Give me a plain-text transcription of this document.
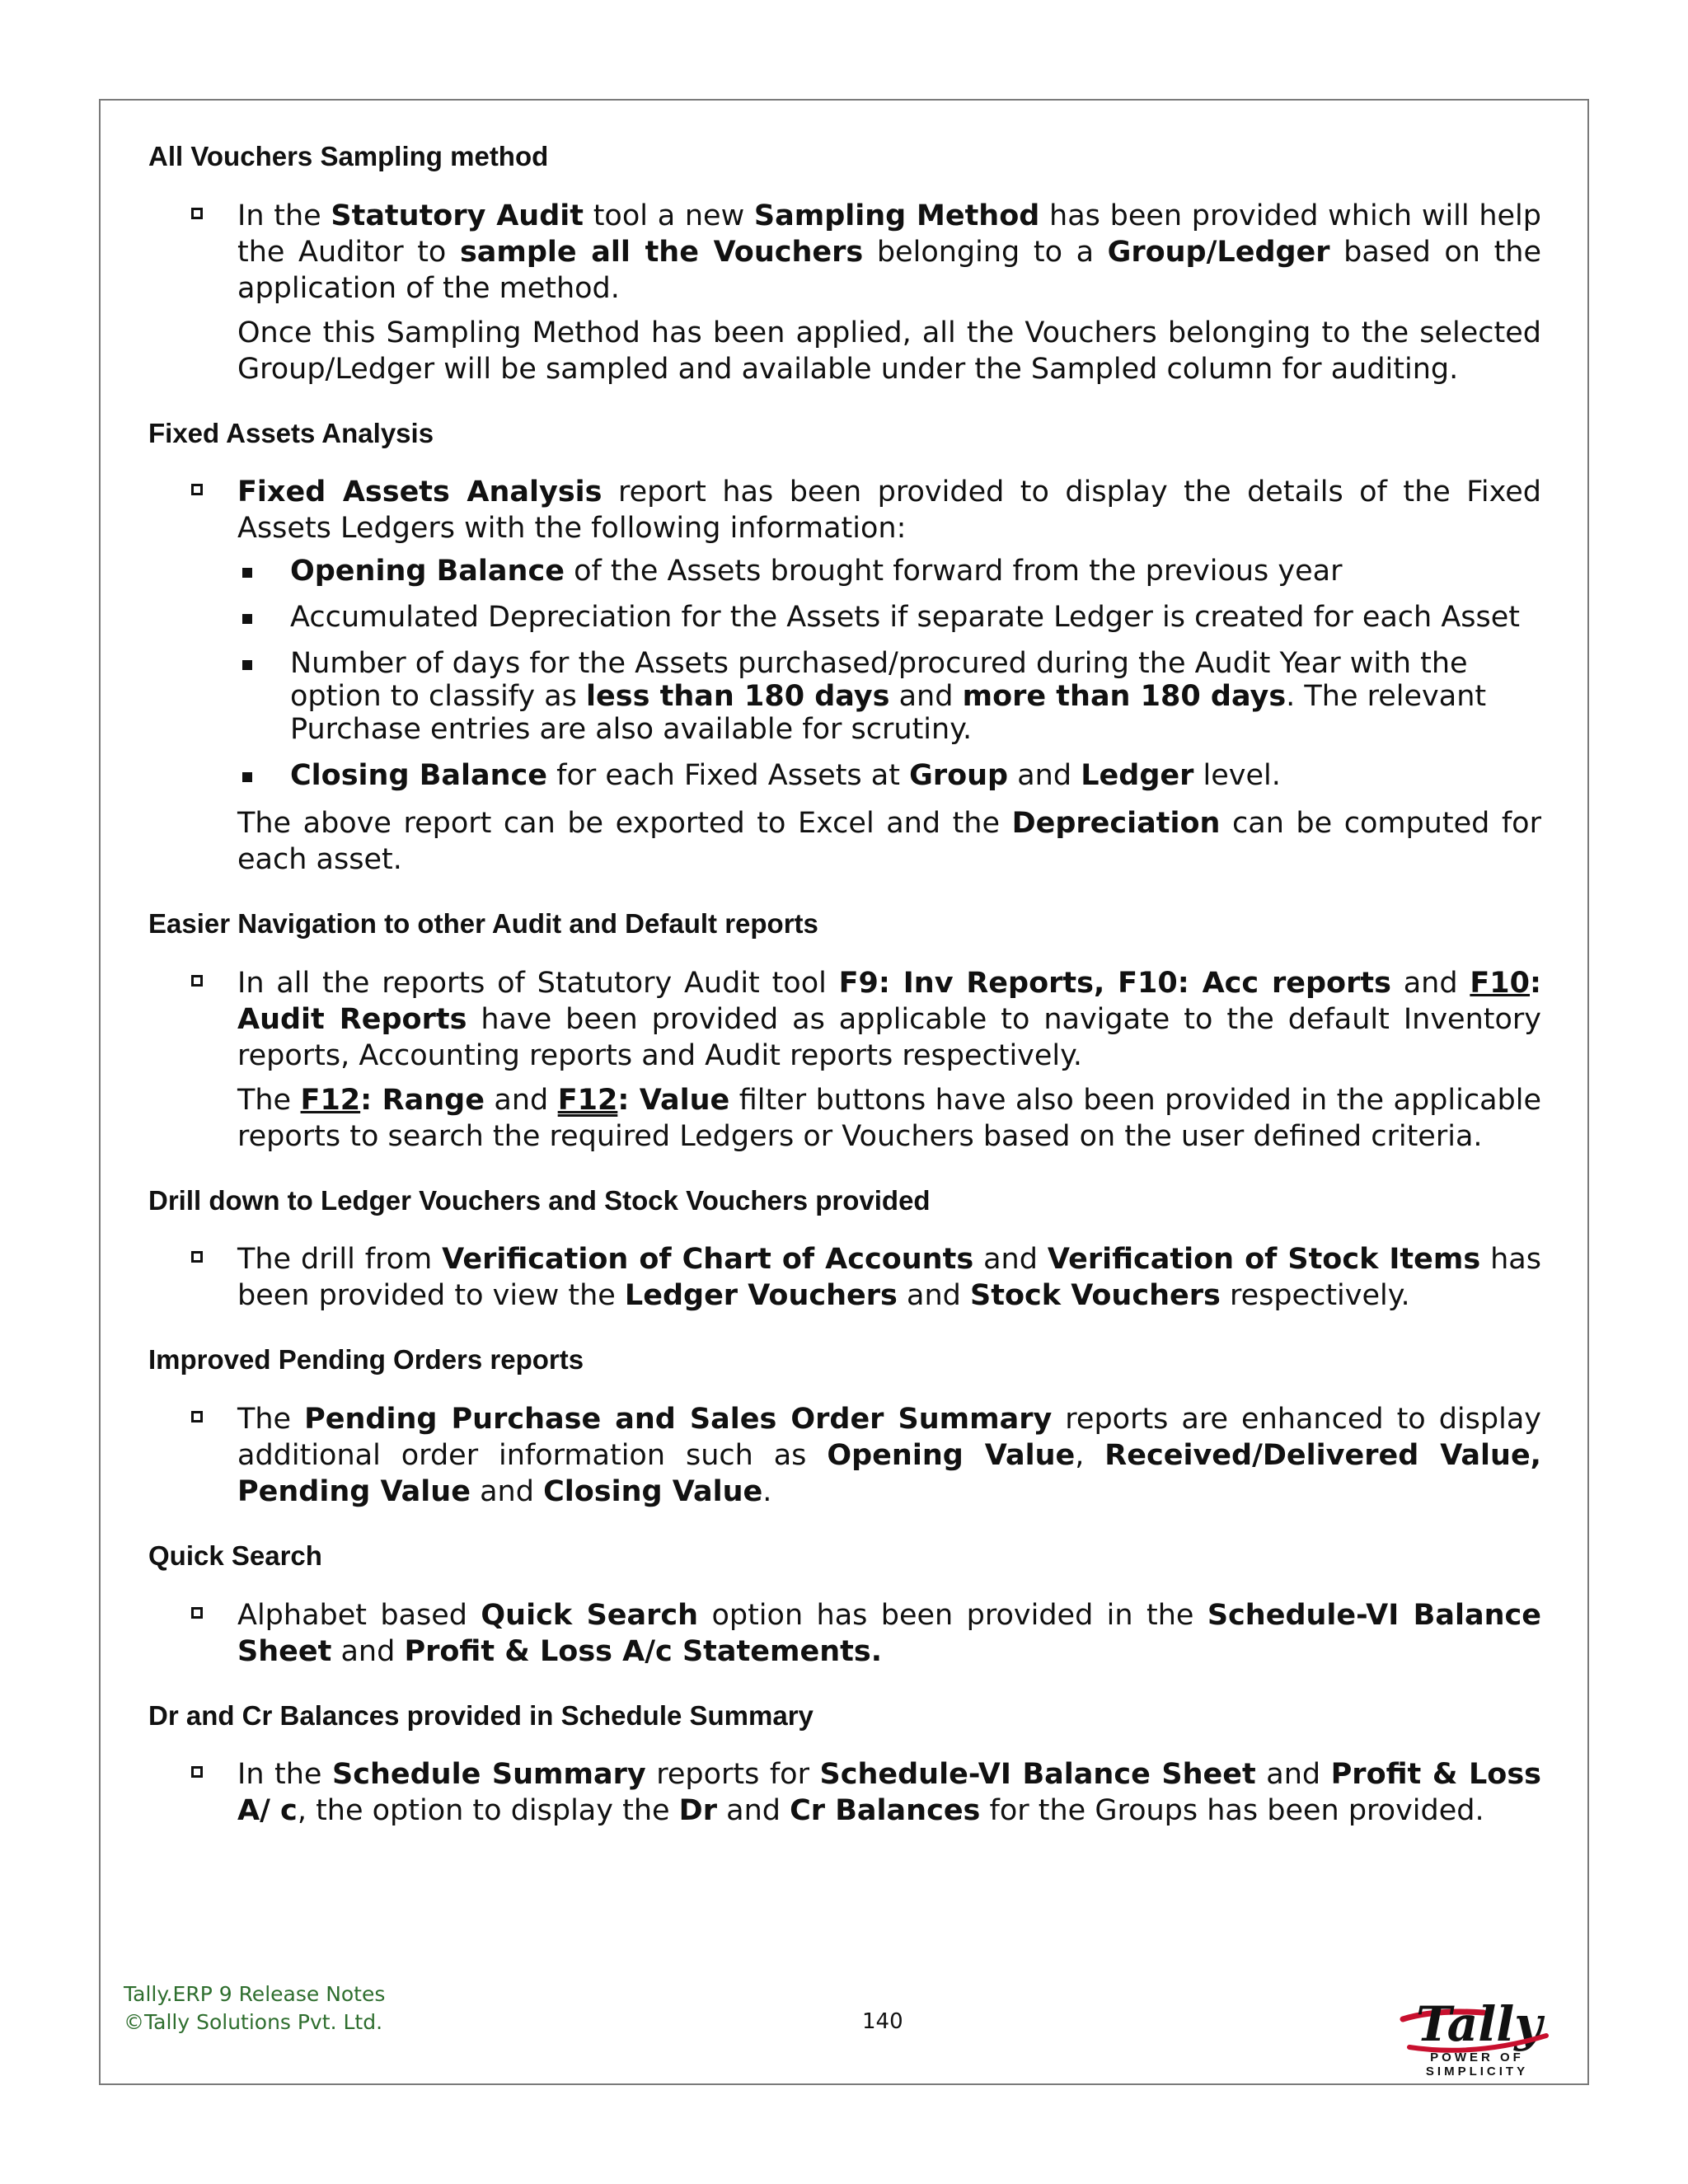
All Vouchers Sampling method

In the Statutory Audit tool a new Sampling Method has been provided which will help the Auditor to sample all the Vouchers belonging to a Group/Ledger based on the application of the method.

Once this Sampling Method has been applied, all the Vouchers belonging to the selected Group/Ledger will be sampled and available under the Sampled column for auditing.

Fixed Assets Analysis

Fixed Assets Analysis report has been provided to display the details of the Fixed Assets Ledgers with the following information:

Opening Balance of the Assets brought forward from the previous year
Accumulated Depreciation for the Assets if separate Ledger is created for each Asset
Number of days for the Assets purchased/procured during the Audit Year with the option to classify as less than 180 days and more than 180 days. The relevant Purchase entries are also available for scrutiny.
Closing Balance for each Fixed Assets at Group and Ledger level.

The above report can be exported to Excel and the Depreciation can be computed for each asset.

Easier Navigation to other Audit and Default reports

In all the reports of Statutory Audit tool F9: Inv Reports, F10: Acc reports and F10: Audit Reports have been provided as applicable to navigate to the default Inventory reports, Accounting reports and Audit reports respectively.

The F12: Range and F12: Value filter buttons have also been provided in the applicable reports to search the required Ledgers or Vouchers based on the user defined criteria.

Drill down to Ledger Vouchers and Stock Vouchers provided

The drill from Verification of Chart of Accounts and Verification of Stock Items has been provided to view the Ledger Vouchers and Stock Vouchers respectively.

Improved Pending Orders reports

The Pending Purchase and Sales Order Summary reports are enhanced to display additional order information such as Opening Value, Received/Delivered Value, Pending Value and Closing Value.

Quick Search

Alphabet based Quick Search option has been provided in the Schedule-VI Balance Sheet and Profit & Loss A/c Statements.

Dr and Cr Balances provided in Schedule Summary

In the Schedule Summary reports for Schedule-VI Balance Sheet and Profit & Loss A/ c, the option to display the Dr and Cr Balances for the Groups has been provided.

Tally.ERP 9 Release Notes
©Tally Solutions Pvt. Ltd.	140	Tally
POWER OF SIMPLICITY
